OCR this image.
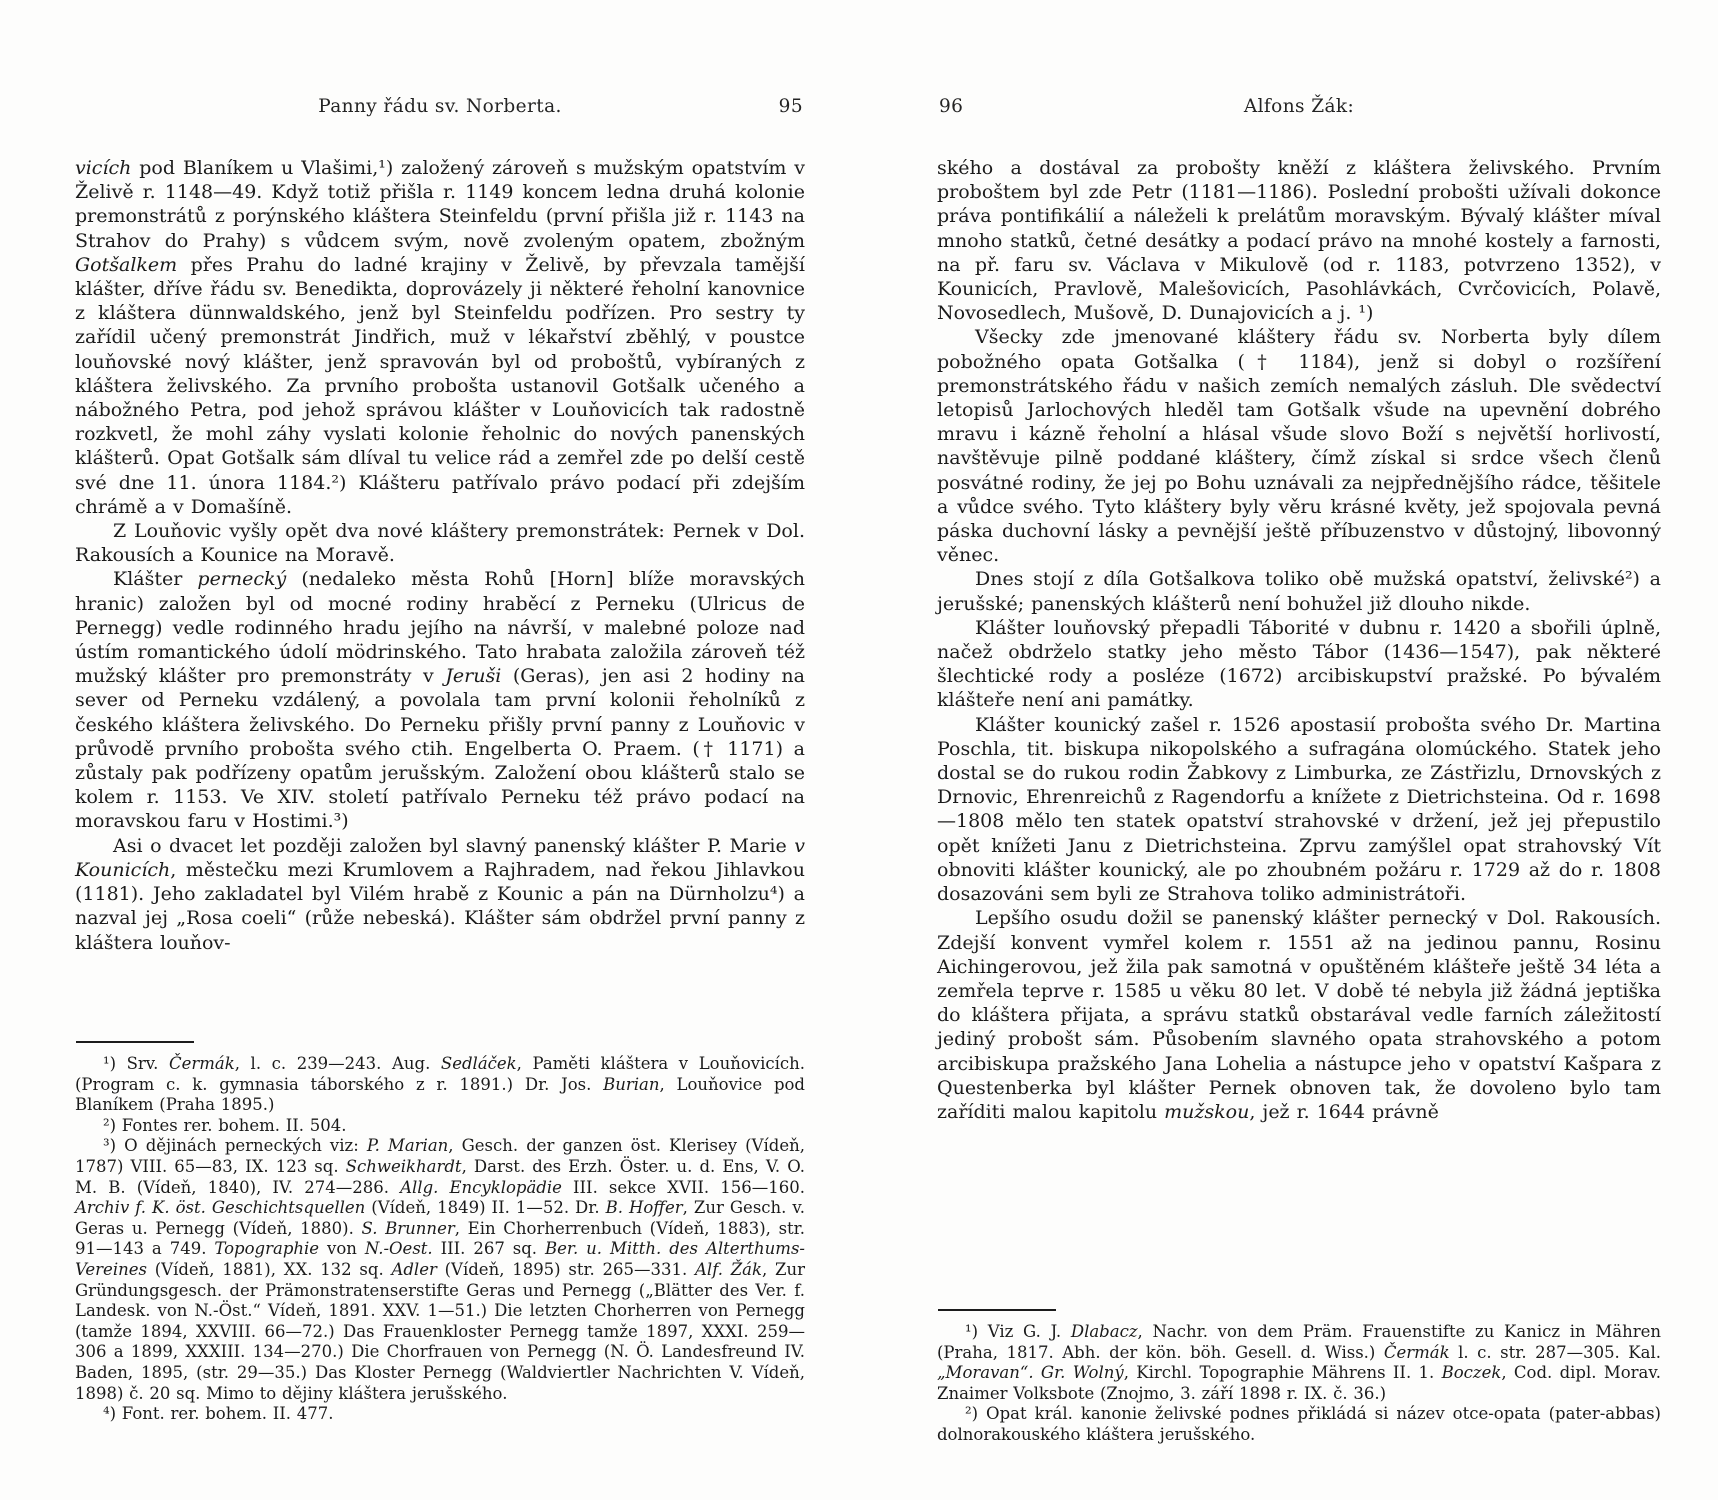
Panny řádu sv. Norberta.	95

vicích pod Blaníkem u Vlašimi,¹) založený zároveň s mužským opatstvím v Želivě r. 1148—49. Když totiž přišla r. 1149 koncem ledna druhá kolonie premonstrátů z porýnského kláštera Steinfeldu (první přišla již r. 1143 na Strahov do Prahy) s vůdcem svým, nově zvoleným opatem, zbožným Gotšalkem přes Prahu do ladné krajiny v Želivě, by převzala tamější klášter, dříve řádu sv. Benedikta, doprovázely ji některé řeholní kanovnice z kláštera dünnwaldského, jenž byl Steinfeldu podřízen. Pro sestry ty zařídil učený premonstrát Jindřich, muž v lékařství zběhlý, v poustce louňovské nový klášter, jenž spravován byl od proboštů, vybíraných z kláštera želivského. Za prvního probošta ustanovil Gotšalk učeného a nábožného Petra, pod jehož správou klášter v Louňovicích tak radostně rozkvetl, že mohl záhy vyslati kolonie řeholnic do nových panenských klášterů. Opat Gotšalk sám dlíval tu velice rád a zemřel zde po delší cestě své dne 11. února 1184.²) Klášteru patřívalo právo podací při zdejším chrámě a v Domašíně.

Z Louňovic vyšly opět dva nové kláštery premonstrátek: Pernek v Dol. Rakousích a Kounice na Moravě.

Klášter pernecký (nedaleko města Rohů [Horn] blíže moravských hranic) založen byl od mocné rodiny hraběcí z Perneku (Ulricus de Pernegg) vedle rodinného hradu jejího na návrší, v malebné poloze nad ústím romantického údolí mödrinského. Tato hrabata založila zároveň též mužský klášter pro premonstráty v Jeruši (Geras), jen asi 2 hodiny na sever od Perneku vzdálený, a povolala tam první kolonii řeholníků z českého kláštera želivského. Do Perneku přišly první panny z Louňovic v průvodě prvního probošta svého ctih. Engelberta O. Praem. († 1171) a zůstaly pak podřízeny opatům jerušským. Založení obou klášterů stalo se kolem r. 1153. Ve XIV. století patřívalo Perneku též právo podací na moravskou faru v Hostimi.³)

Asi o dvacet let později založen byl slavný panenský klášter P. Marie v Kounicích, městečku mezi Krumlovem a Rajhradem, nad řekou Jihlavkou (1181). Jeho zakladatel byl Vilém hrabě z Kounic a pán na Dürnholzu⁴) a nazval jej „Rosa coeli“ (růže nebeská). Klášter sám obdržel první panny z kláštera louňov-

¹) Srv. Čermák, l. c. 239—243. Aug. Sedláček, Paměti kláštera v Louňovicích. (Program c. k. gymnasia táborského z r. 1891.) Dr. Jos. Burian, Louňovice pod Blaníkem (Praha 1895.)

²) Fontes rer. bohem. II. 504.

³) O dějinách perneckých viz: P. Marian, Gesch. der ganzen öst. Klerisey (Vídeň, 1787) VIII. 65—83, IX. 123 sq. Schweikhardt, Darst. des Erzh. Öster. u. d. Ens, V. O. M. B. (Vídeň, 1840), IV. 274—286. Allg. Encyklopädie III. sekce XVII. 156—160. Archiv f. K. öst. Geschichtsquellen (Vídeň, 1849) II. 1—52. Dr. B. Hoffer, Zur Gesch. v. Geras u. Pernegg (Vídeň, 1880). S. Brunner, Ein Chorherrenbuch (Vídeň, 1883), str. 91—143 a 749. Topographie von N.-Oest. III. 267 sq. Ber. u. Mitth. des Alterthums-Vereines (Vídeň, 1881), XX. 132 sq. Adler (Vídeň, 1895) str. 265—331. Alf. Žák, Zur Gründungsgesch. der Prämonstratenserstifte Geras und Pernegg („Blätter des Ver. f. Landesk. von N.-Öst.“ Vídeň, 1891. XXV. 1—51.) Die letzten Chorherren von Pernegg (tamže 1894, XXVIII. 66—72.) Das Frauenkloster Pernegg tamže 1897, XXXI. 259—306 a 1899, XXXIII. 134—270.) Die Chorfrauen von Pernegg (N. Ö. Landesfreund IV. Baden, 1895, (str. 29—35.) Das Kloster Pernegg (Waldviertler Nachrichten V. Vídeň, 1898) č. 20 sq. Mimo to dějiny kláštera jerušského.

⁴) Font. rer. bohem. II. 477.

96	Alfons Žák:

ského a dostával za probošty kněží z kláštera želivského. Prvním proboštem byl zde Petr (1181—1186). Poslední probošti užívali dokonce práva pontifikálií a náleželi k prelátům moravským. Bývalý klášter míval mnoho statků, četné desátky a podací právo na mnohé kostely a farnosti, na př. faru sv. Václava v Mikulově (od r. 1183, potvrzeno 1352), v Kounicích, Pravlově, Malešovicích, Pasohlávkách, Cvrčovicích, Polavě, Novosedlech, Mušově, D. Dunajovicích a j. ¹)

Všecky zde jmenované kláštery řádu sv. Norberta byly dílem pobožného opata Gotšalka († 1184), jenž si dobyl o rozšíření premonstrátského řádu v našich zemích nemalých zásluh. Dle svědectví letopisů Jarlochových hleděl tam Gotšalk všude na upevnění dobrého mravu i kázně řeholní a hlásal všude slovo Boží s největší horlivostí, navštěvuje pilně poddané kláštery, čímž získal si srdce všech členů posvátné rodiny, že jej po Bohu uznávali za nejpřednějšího rádce, těšitele a vůdce svého. Tyto kláštery byly věru krásné květy, jež spojovala pevná páska duchovní lásky a pevnější ještě příbuzenstvo v důstojný, libovonný věnec.

Dnes stojí z díla Gotšalkova toliko obě mužská opatství, želivské²) a jerušské; panenských klášterů není bohužel již dlouho nikde.

Klášter louňovský přepadli Táborité v dubnu r. 1420 a sbořili úplně, načež obdrželo statky jeho město Tábor (1436—1547), pak některé šlechtické rody a posléze (1672) arcibiskupství pražské. Po bývalém klášteře není ani památky.

Klášter kounický zašel r. 1526 apostasií probošta svého Dr. Martina Poschla, tit. biskupa nikopolského a sufragána olomúckého. Statek jeho dostal se do rukou rodin Žabkovy z Limburka, ze Zástřizlu, Drnovských z Drnovic, Ehrenreichů z Ragendorfu a knížete z Dietrichsteina. Od r. 1698—1808 mělo ten statek opatství strahovské v držení, jež jej přepustilo opět knížeti Janu z Dietrichsteina. Zprvu zamýšlel opat strahovský Vít obnoviti klášter kounický, ale po zhoubném požáru r. 1729 až do r. 1808 dosazováni sem byli ze Strahova toliko administrátoři.

Lepšího osudu dožil se panenský klášter pernecký v Dol. Rakousích. Zdejší konvent vymřel kolem r. 1551 až na jedinou pannu, Rosinu Aichingerovou, jež žila pak samotná v opuštěném klášteře ještě 34 léta a zemřela teprve r. 1585 u věku 80 let. V době té nebyla již žádná jeptiška do kláštera přijata, a správu statků obstarával vedle farních záležitostí jediný probošt sám. Působením slavného opata strahovského a potom arcibiskupa pražského Jana Lohelia a nástupce jeho v opatství Kašpara z Questenberka byl klášter Pernek obnoven tak, že dovoleno bylo tam zaříditi malou kapitolu mužskou, jež r. 1644 právně

¹) Viz G. J. Dlabacz, Nachr. von dem Präm. Frauenstifte zu Kanicz in Mähren (Praha, 1817. Abh. der kön. böh. Gesell. d. Wiss.) Čermák l. c. str. 287—305. Kal. „Moravan“. Gr. Wolný, Kirchl. Topographie Mährens II. 1. Boczek, Cod. dipl. Morav. Znaimer Volksbote (Znojmo, 3. září 1898 r. IX. č. 36.)

²) Opat král. kanonie želivské podnes přikládá si název otce-opata (pater-abbas) dolnorakouského kláštera jerušského.
